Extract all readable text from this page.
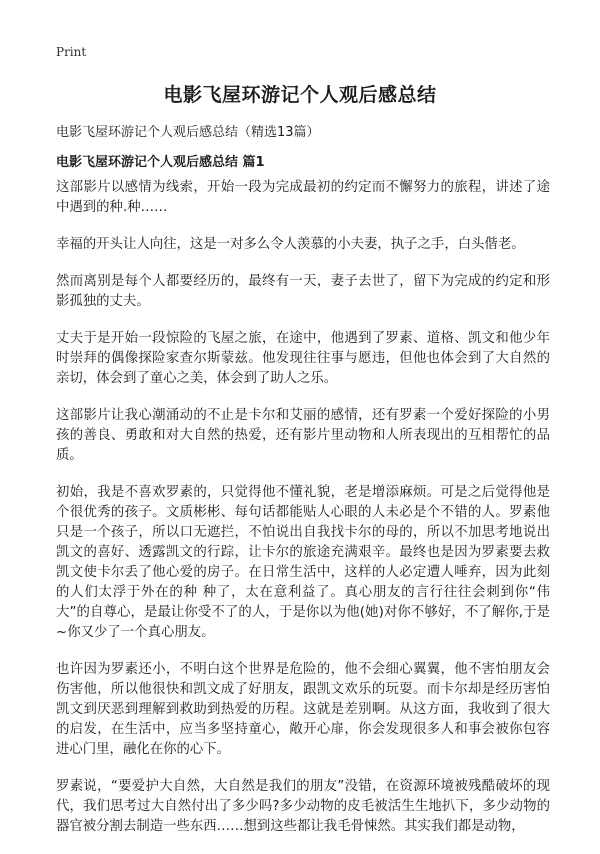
Print
电影飞屋环游记个人观后感总结
电影飞屋环游记个人观后感总结（精选13篇）
电影飞屋环游记个人观后感总结 篇1

这部影片以感情为线索，开始一段为完成最初的约定而不懈努力的旅程，讲述了途中遇到的种.种……

幸福的开头让人向往，这是一对多么令人羡慕的小夫妻，执子之手，白头偕老。

然而离别是每个人都要经历的，最终有一天，妻子去世了，留下为完成的约定和形影孤独的丈夫。

丈夫于是开始一段惊险的飞屋之旅，在途中，他遇到了罗素、道格、凯文和他少年时崇拜的偶像探险家查尔斯蒙兹。他发现往往事与愿违，但他也体会到了大自然的亲切，体会到了童心之美，体会到了助人之乐。

这部影片让我心潮涌动的不止是卡尔和艾丽的感情，还有罗素一个爱好探险的小男孩的善良、勇敢和对大自然的热爱，还有影片里动物和人所表现出的互相帮忙的品质。

初始，我是不喜欢罗素的，只觉得他不懂礼貌，老是增添麻烦。可是之后觉得他是个很优秀的孩子。文质彬彬、每句话都能贴人心眼的人未必是个不错的人。罗素他只是一个孩子，所以口无遮拦，不怕说出自我找卡尔的母的，所以不加思考地说出凯文的喜好、透露凯文的行踪，让卡尔的旅途充满艰辛。最终也是因为罗素要去救凯文使卡尔丢了他心爱的房子。在日常生活中，这样的人必定遭人唾弃，因为此刻的人们太浮于外在的种 种了，太在意利益了。真心朋友的言行往往会刺到你“伟大”的自尊心，是最让你受不了的人，于是你以为他(她)对你不够好，不了解你,于是~你又少了一个真心朋友。

也许因为罗素还小，不明白这个世界是危险的，他不会细心翼翼，他不害怕朋友会伤害他，所以他很快和凯文成了好朋友，跟凯文欢乐的玩耍。而卡尔却是经历害怕凯文到厌恶到理解到救助到热爱的历程。这就是差别啊。从这方面，我收到了很大的启发，在生活中，应当多坚持童心，敞开心扉，你会发现很多人和事会被你包容进心门里，融化在你的心下。

罗素说，“要爱护大自然，大自然是我们的朋友”没错，在资源环境被残酷破坏的现代，我们思考过大自然付出了多少吗?多少动物的皮毛被活生生地扒下，多少动物的器官被分割去制造一些东西……想到这些都让我毛骨悚然。其实我们都是动物，
